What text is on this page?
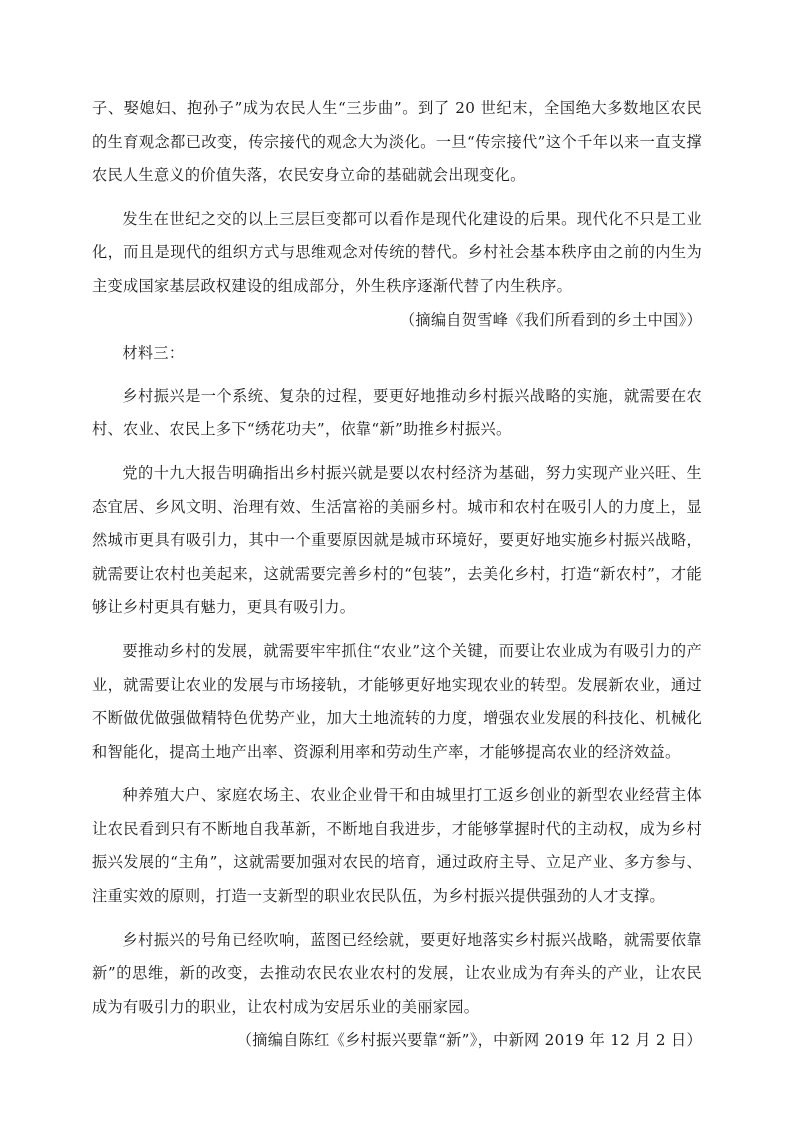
子、娶媳妇、抱孙子”成为农民人生“三步曲”。到了 20 世纪末，全国绝大多数地区农民的生育观念都已改变，传宗接代的观念大为淡化。一旦“传宗接代”这个千年以来一直支撑农民人生意义的价值失落，农民安身立命的基础就会出现变化。

发生在世纪之交的以上三层巨变都可以看作是现代化建设的后果。现代化不只是工业化，而且是现代的组织方式与思维观念对传统的替代。乡村社会基本秩序由之前的内生为主变成国家基层政权建设的组成部分，外生秩序逐渐代替了内生秩序。

（摘编自贺雪峰《我们所看到的乡土中国》）

材料三：

乡村振兴是一个系统、复杂的过程，要更好地推动乡村振兴战略的实施，就需要在农村、农业、农民上多下“绣花功夫”，依靠“新”助推乡村振兴。

党的十九大报告明确指出乡村振兴就是要以农村经济为基础，努力实现产业兴旺、生态宜居、乡风文明、治理有效、生活富裕的美丽乡村。城市和农村在吸引人的力度上，显然城市更具有吸引力，其中一个重要原因就是城市环境好，要更好地实施乡村振兴战略，就需要让农村也美起来，这就需要完善乡村的“包装”，去美化乡村，打造“新农村”，才能够让乡村更具有魅力，更具有吸引力。

要推动乡村的发展，就需要牢牢抓住“农业”这个关键，而要让农业成为有吸引力的产业，就需要让农业的发展与市场接轨，才能够更好地实现农业的转型。发展新农业，通过不断做优做强做精特色优势产业，加大土地流转的力度，增强农业发展的科技化、机械化和智能化，提高土地产出率、资源利用率和劳动生产率，才能够提高农业的经济效益。

种养殖大户、家庭农场主、农业企业骨干和由城里打工返乡创业的新型农业经营主体让农民看到只有不断地自我革新，不断地自我进步，才能够掌握时代的主动权，成为乡村振兴发展的“主角”，这就需要加强对农民的培育，通过政府主导、立足产业、多方参与、注重实效的原则，打造一支新型的职业农民队伍，为乡村振兴提供强劲的人才支撑。

乡村振兴的号角已经吹响，蓝图已经绘就，要更好地落实乡村振兴战略，就需要依靠新”的思维，新的改变，去推动农民农业农村的发展，让农业成为有奔头的产业，让农民成为有吸引力的职业，让农村成为安居乐业的美丽家园。

（摘编自陈红《乡村振兴要靠“新”》，中新网 2019 年 12 月 2 日）
